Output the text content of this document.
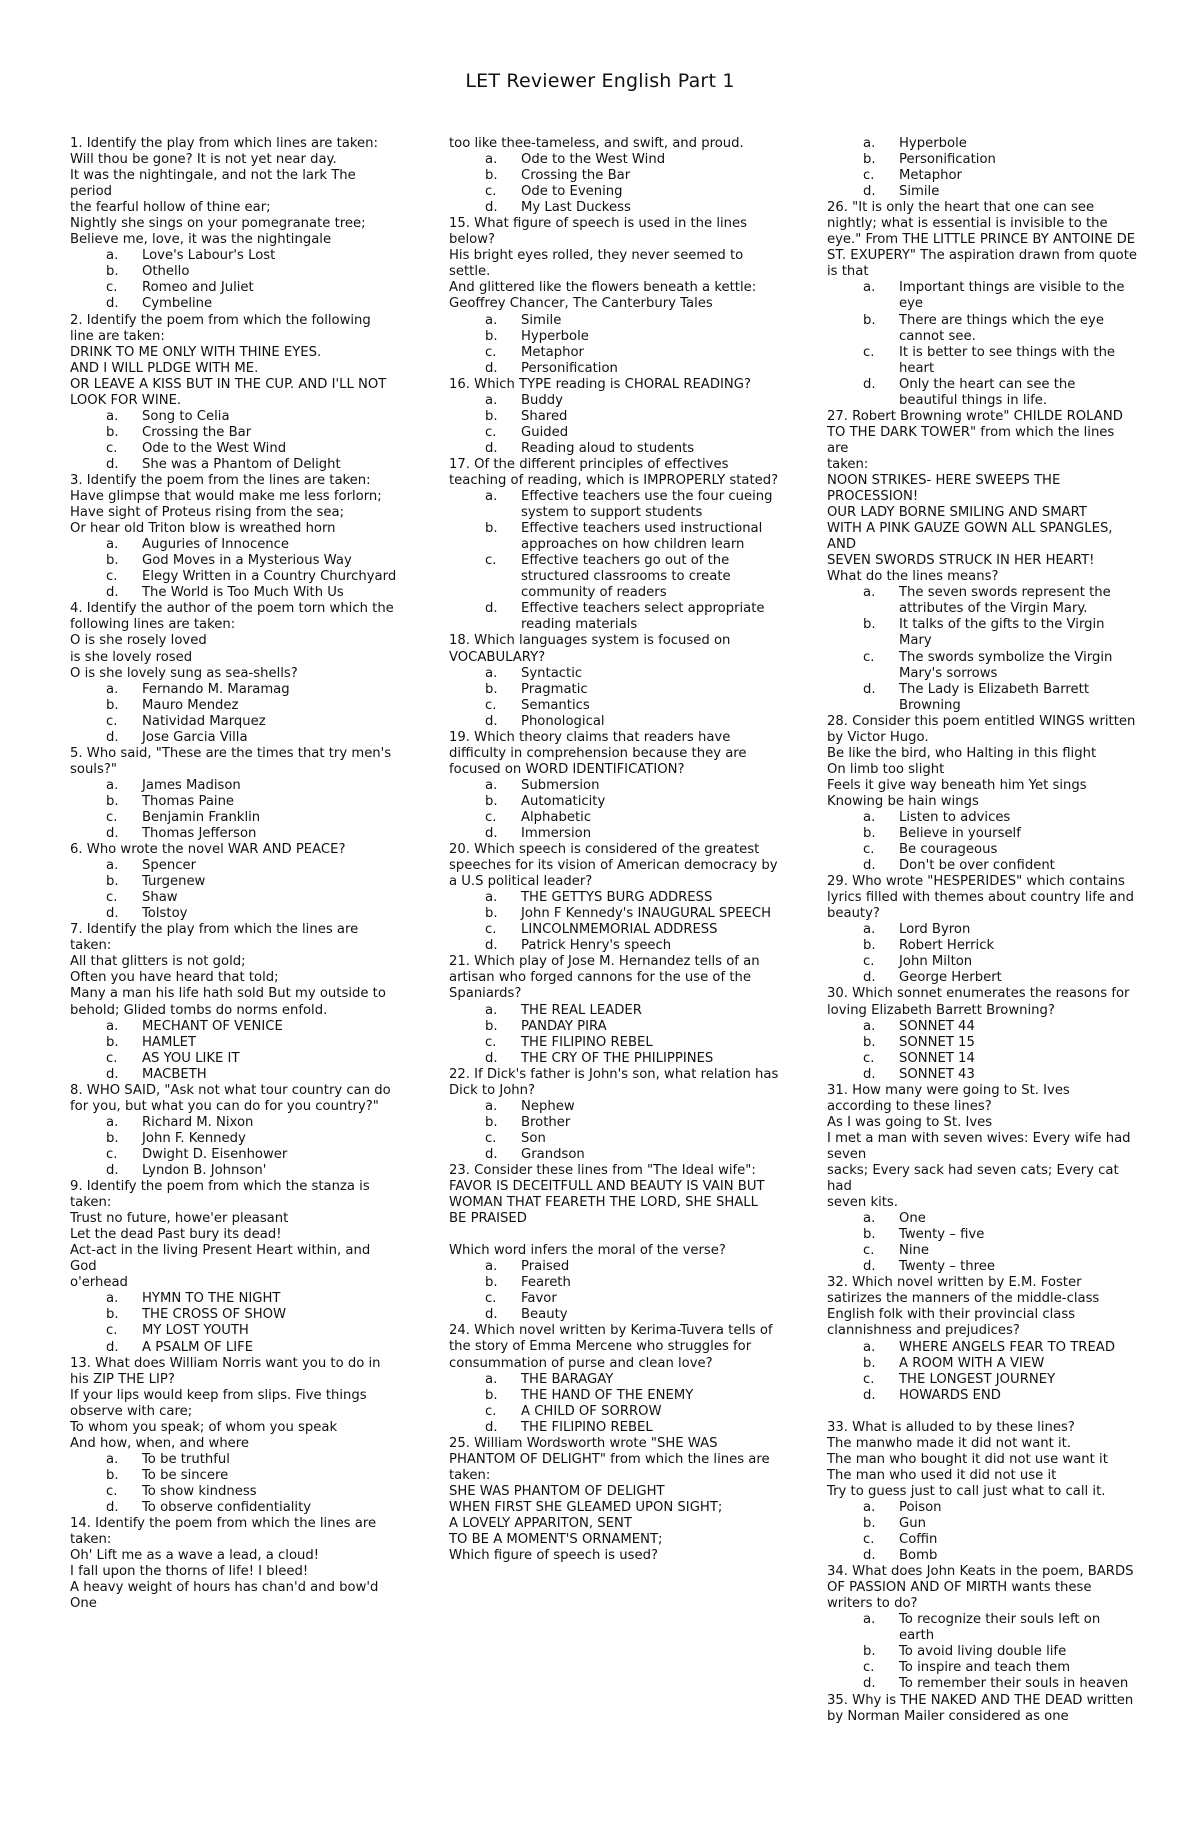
LET Reviewer English Part 1
1. Identify the play from which lines are taken:
Will thou be gone? It is not yet near day.
It was the nightingale, and not the lark The period
the fearful hollow of thine ear;
Nightly she sings on your pomegranate tree;
Believe me, love, it was the nightingale
a.	Love's Labour's Lost
b.	Othello
c.	Romeo and Juliet
d.	Cymbeline
2. Identify the poem from which the following
line are taken:
DRINK TO ME ONLY WITH THINE EYES.
AND I WILL PLDGE WITH ME.
OR LEAVE A KISS BUT IN THE CUP. AND I'LL NOT
LOOK FOR WINE.
a.	Song to Celia
b.	Crossing the Bar
c.	Ode to the West Wind
d.	She was a Phantom of Delight
3. Identify the poem from the lines are taken:
Have glimpse that would make me less forlorn;
Have sight of Proteus rising from the sea;
Or hear old Triton blow is wreathed horn
a.	Auguries of Innocence
b.	God Moves in a Mysterious Way
c.	Elegy Written in a Country Churchyard
d.	The World is Too Much With Us
4. Identify the author of the poem torn which the following lines are taken:
O is she rosely loved
is she lovely rosed
O is she lovely sung as sea-shells?
a.	Fernando M. Maramag
b.	Mauro Mendez
c.	Natividad Marquez
d.	Jose Garcia Villa
5. Who said, "These are the times that try men's souls?"
a.	James Madison
b.	Thomas Paine
c.	Benjamin Franklin
d.	Thomas Jefferson
6. Who wrote the novel WAR AND PEACE?
a.	Spencer
b.	Turgenew
c.	Shaw
d.	Tolstoy
7. Identify the play from which the lines are taken:
All that glitters is not gold;
Often you have heard that told;
Many a man his life hath sold But my outside to
behold; Glided tombs do norms enfold.
a.	MECHANT OF VENICE
b.	HAMLET
c.	AS YOU LIKE IT
d.	MACBETH
8. WHO SAID, "Ask not what tour country can do for you, but what you can do for you country?"
a.	Richard M. Nixon
b.	John F. Kennedy
c.	Dwight D. Eisenhower
d.	Lyndon B. Johnson'
9. Identify the poem from which the stanza is taken:
Trust no future, howe'er pleasant
Let the dead Past bury its dead!
Act-act in the living Present Heart within, and God
o'erhead
a.	HYMN TO THE NIGHT
b.	THE CROSS OF SHOW
c.	MY LOST YOUTH
d.	A PSALM OF LIFE
13. What does William Norris want you to do in his ZIP THE LIP?
If your lips would keep from slips. Five things observe with care;
To whom you speak; of whom you speak
And how, when, and where
a.	To be truthful
b.	To be sincere
c.	To show kindness
d.	To observe confidentiality
14. Identify the poem from which the lines are taken:
Oh' Lift me as a wave a lead, a cloud!
I fall upon the thorns of life! I bleed!
A heavy weight of hours has chan'd and bow'd One
too like thee-tameless, and swift, and proud.
a.	Ode to the West Wind
b.	Crossing the Bar
c.	Ode to Evening
d.	My Last Duckess
15. What figure of speech is used in the lines below?
His bright eyes rolled, they never seemed to settle.
And glittered like the flowers beneath a kettle:
Geoffrey Chancer, The Canterbury Tales
a.	Simile
b.	Hyperbole
c.	Metaphor
d.	Personification
16. Which TYPE reading is CHORAL READING?
a.	Buddy
b.	Shared
c.	Guided
d.	Reading aloud to students
17. Of the different principles of effectives teaching of reading, which is IMPROPERLY stated?
a.	Effective teachers use the four cueing system to support students
b.	Effective teachers used instructional approaches on how children learn
c.	Effective teachers go out of the structured classrooms to create community of readers
d.	Effective teachers select appropriate reading materials
18. Which languages system is focused on VOCABULARY?
a.	Syntactic
b.	Pragmatic
c.	Semantics
d.	Phonological
19. Which theory claims that readers have difficulty in comprehension because they are focused on WORD IDENTIFICATION?
a.	Submersion
b.	Automaticity
c.	Alphabetic
d.	Immersion
20. Which speech is considered of the greatest speeches for its vision of American democracy by a U.S political leader?
a.	THE GETTYS BURG ADDRESS
b.	John F Kennedy's INAUGURAL SPEECH
c.	LINCOLNMEMORIAL ADDRESS
d.	Patrick Henry's speech
21. Which play of Jose M. Hernandez tells of an artisan who forged cannons for the use of the Spaniards?
a.	THE REAL LEADER
b.	PANDAY PIRA
c.	THE FILIPINO REBEL
d.	THE CRY OF THE PHILIPPINES
22. If Dick's father is John's son, what relation has Dick to John?
a.	Nephew
b.	Brother
c.	Son
d.	Grandson
23. Consider these lines from "The Ideal wife":
FAVOR IS DECEITFULL AND BEAUTY IS VAIN BUT
WOMAN THAT FEARETH THE LORD, SHE SHALL
BE PRAISED
Which word infers the moral of the verse?
a.	Praised
b.	Feareth
c.	Favor
d.	Beauty
24. Which novel written by Kerima-Tuvera tells of the story of Emma Mercene who struggles for
consummation of purse and clean love?
a.	THE BARAGAY
b.	THE HAND OF THE ENEMY
c.	A CHILD OF SORROW
d.	THE FILIPINO REBEL
25. William Wordsworth wrote "SHE WAS PHANTOM OF DELIGHT" from which the lines are
taken:
SHE WAS PHANTOM OF DELIGHT
WHEN FIRST SHE GLEAMED UPON SIGHT;
A LOVELY APPARITON, SENT
TO BE A MOMENT'S ORNAMENT;
Which figure of speech is used?
a.	Hyperbole
b.	Personification
c.	Metaphor
d.	Simile
26. "It is only the heart that one can see nightly; what is essential is invisible to the eye." From THE LITTLE PRINCE BY ANTOINE DE ST. EXUPERY" The aspiration drawn from quote is that
a.	Important things are visible to the eye
b.	There are things which the eye cannot see.
c.	It is better to see things with the heart
d.	Only the heart can see the beautiful things in life.
27. Robert Browning wrote" CHILDE ROLAND TO THE DARK TOWER" from which the lines are
taken:
NOON STRIKES- HERE SWEEPS THE PROCESSION!
OUR LADY BORNE SMILING AND SMART
WITH A PINK GAUZE GOWN ALL SPANGLES, AND
SEVEN SWORDS STRUCK IN HER HEART!
What do the lines means?
a.	The seven swords represent the attributes of the Virgin Mary.
b.	It talks of the gifts to the Virgin Mary
c.	The swords symbolize the Virgin Mary's sorrows
d.	The Lady is Elizabeth Barrett Browning
28. Consider this poem entitled WINGS written by Victor Hugo.
Be like the bird, who Halting in this flight
On limb too slight
Feels it give way beneath him Yet sings
Knowing be hain wings
a.	Listen to advices
b.	Believe in yourself
c.	Be courageous
d.	Don't be over confident
29. Who wrote "HESPERIDES" which contains lyrics filled with themes about country life and beauty?
a.	Lord Byron
b.	Robert Herrick
c.	John Milton
d.	George Herbert
30. Which sonnet enumerates the reasons for loving Elizabeth Barrett Browning?
a.	SONNET 44
b.	SONNET 15
c.	SONNET 14
d.	SONNET 43
31. How many were going to St. Ives according to these lines?
As I was going to St. Ives
I met a man with seven wives: Every wife had seven
sacks; Every sack had seven cats; Every cat had
seven kits.
a.	One
b.	Twenty – five
c.	Nine
d.	Twenty – three
32. Which novel written by E.M. Foster satirizes the manners of the middle-class English folk with their provincial class clannishness and prejudices?
a.	WHERE ANGELS FEAR TO TREAD
b.	A ROOM WITH A VIEW
c.	THE LONGEST JOURNEY
d.	HOWARDS END
33. What is alluded to by these lines?
The manwho made it did not want it.
The man who bought it did not use want it
The man who used it did not use it
Try to guess just to call just what to call it.
a.	Poison
b.	Gun
c.	Coffin
d.	Bomb
34. What does John Keats in the poem, BARDS OF PASSION AND OF MIRTH wants these writers to do?
a.	To recognize their souls left on earth
b.	To avoid living double life
c.	To inspire and teach them
d.	To remember their souls in heaven
35. Why is THE NAKED AND THE DEAD written by Norman Mailer considered as one
